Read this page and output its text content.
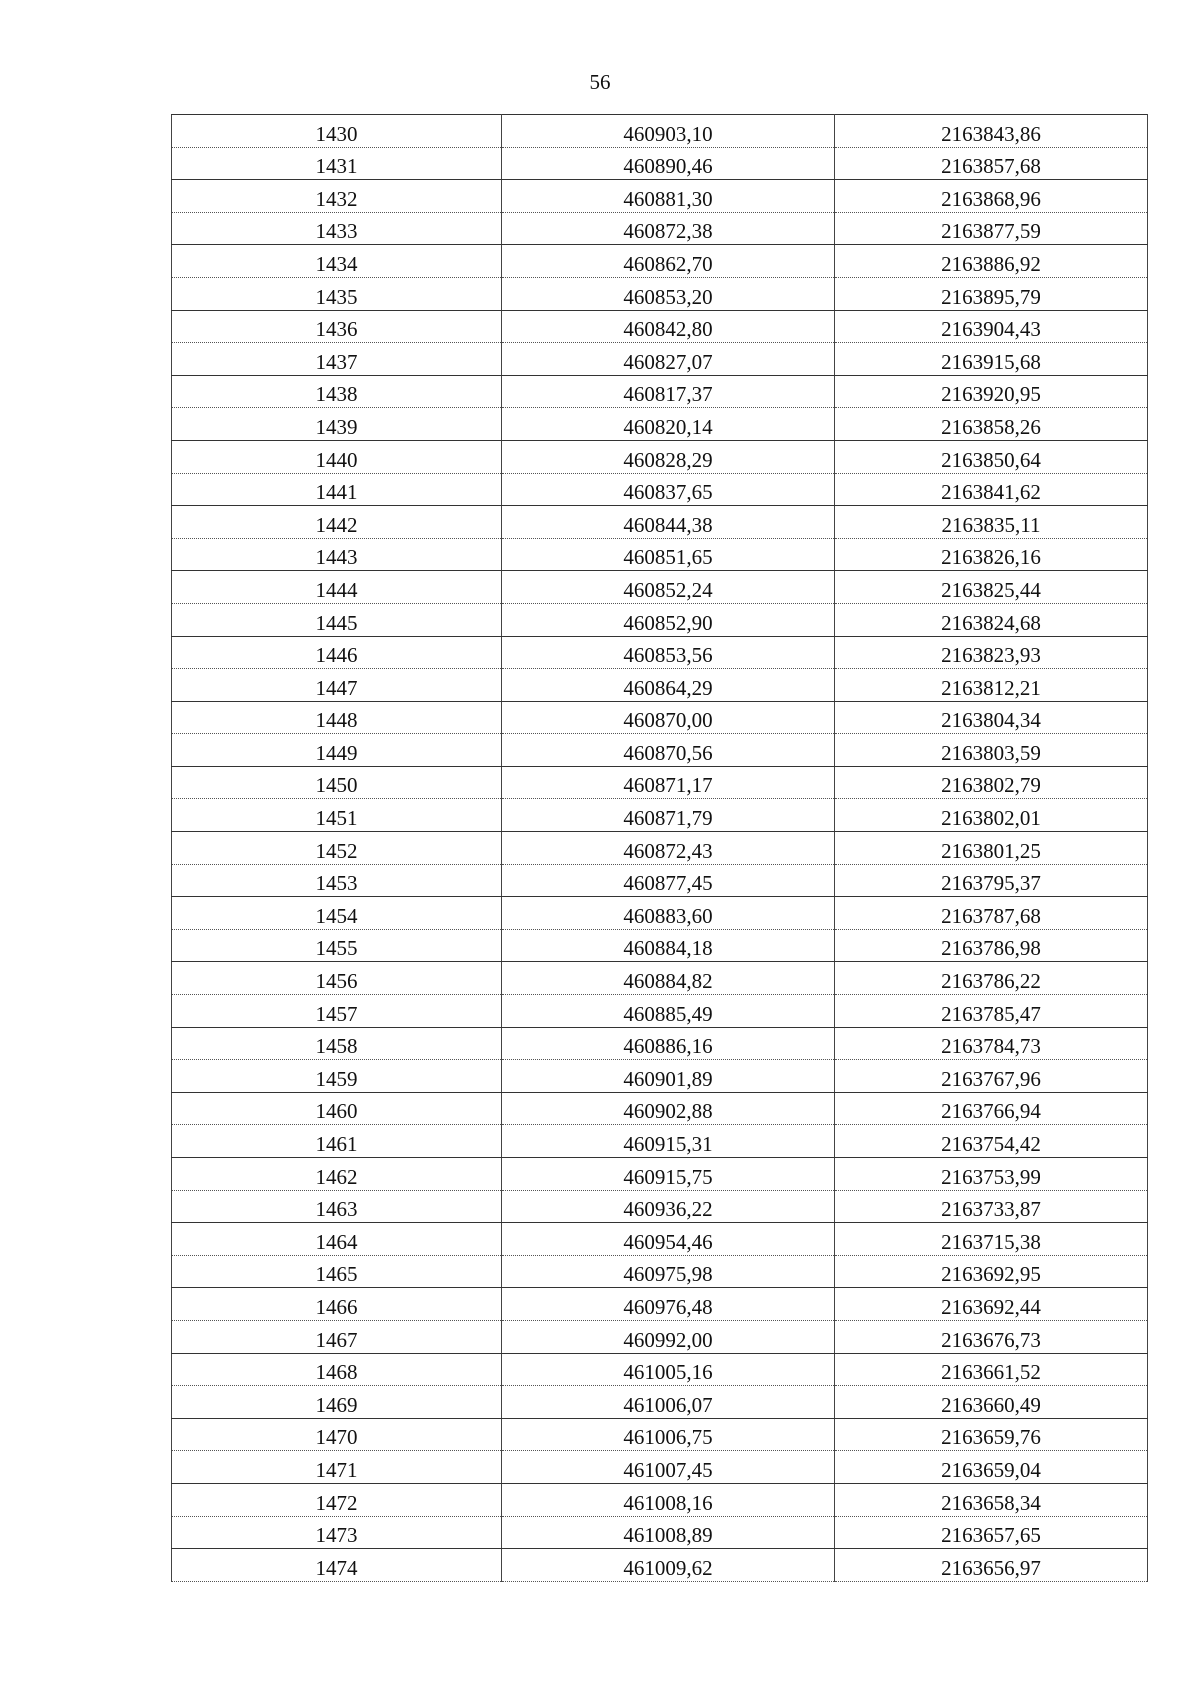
56
1430	460903,10	2163843,86
1431	460890,46	2163857,68
1432	460881,30	2163868,96
1433	460872,38	2163877,59
1434	460862,70	2163886,92
1435	460853,20	2163895,79
1436	460842,80	2163904,43
1437	460827,07	2163915,68
1438	460817,37	2163920,95
1439	460820,14	2163858,26
1440	460828,29	2163850,64
1441	460837,65	2163841,62
1442	460844,38	2163835,11
1443	460851,65	2163826,16
1444	460852,24	2163825,44
1445	460852,90	2163824,68
1446	460853,56	2163823,93
1447	460864,29	2163812,21
1448	460870,00	2163804,34
1449	460870,56	2163803,59
1450	460871,17	2163802,79
1451	460871,79	2163802,01
1452	460872,43	2163801,25
1453	460877,45	2163795,37
1454	460883,60	2163787,68
1455	460884,18	2163786,98
1456	460884,82	2163786,22
1457	460885,49	2163785,47
1458	460886,16	2163784,73
1459	460901,89	2163767,96
1460	460902,88	2163766,94
1461	460915,31	2163754,42
1462	460915,75	2163753,99
1463	460936,22	2163733,87
1464	460954,46	2163715,38
1465	460975,98	2163692,95
1466	460976,48	2163692,44
1467	460992,00	2163676,73
1468	461005,16	2163661,52
1469	461006,07	2163660,49
1470	461006,75	2163659,76
1471	461007,45	2163659,04
1472	461008,16	2163658,34
1473	461008,89	2163657,65
1474	461009,62	2163656,97
